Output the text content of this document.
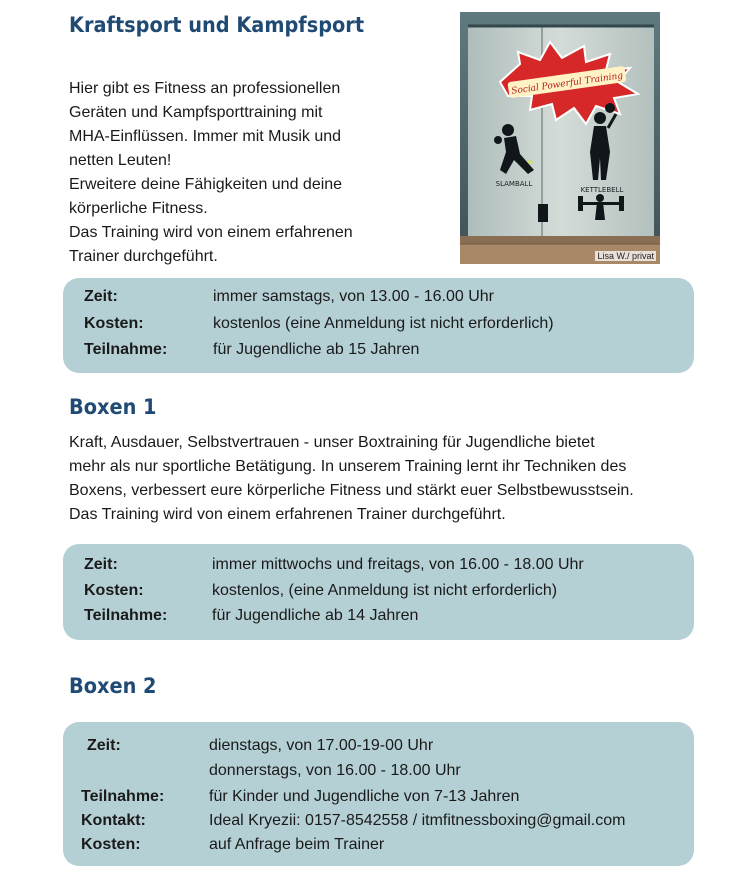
Kraftsport und Kampfsport

Hier gibt es Fitness an professionellen
Geräten und Kampfsporttraining mit
MHA-Einflüssen. Immer mit Musik und
netten Leuten!
Erweitere deine Fähigkeiten und deine
körperliche Fitness.
Das Training wird von einem erfahrenen
Trainer durchgeführt.

Social Powerful Training
SLAMBALL
KETTLEBELL
Lisa W./ privat
Zeit:	immer samstags, von 13.00 - 16.00 Uhr
Kosten:	kostenlos (eine Anmeldung ist nicht erforderlich)
Teilnahme:	für Jugendliche ab 15 Jahren
Boxen 1

Kraft, Ausdauer, Selbstvertrauen - unser Boxtraining für Jugendliche bietet
mehr als nur sportliche Betätigung. In unserem Training lernt ihr Techniken des
Boxens, verbessert eure körperliche Fitness und stärkt euer Selbstbewusstsein.
Das Training wird von einem erfahrenen Trainer durchgeführt.

Zeit:	immer mittwochs und freitags, von 16.00 - 18.00 Uhr
Kosten:	kostenlos, (eine Anmeldung ist nicht erforderlich)
Teilnahme:	für Jugendliche ab 14 Jahren
Boxen 2
Zeit:	dienstags, von 17.00-19-00 Uhr
donnerstags, von 16.00 - 18.00 Uhr
Teilnahme:	für Kinder und Jugendliche von 7-13 Jahren
Kontakt:	Ideal Kryezii: 0157-8542558 / itmfitnessboxing@gmail.com
Kosten:	auf Anfrage beim Trainer
